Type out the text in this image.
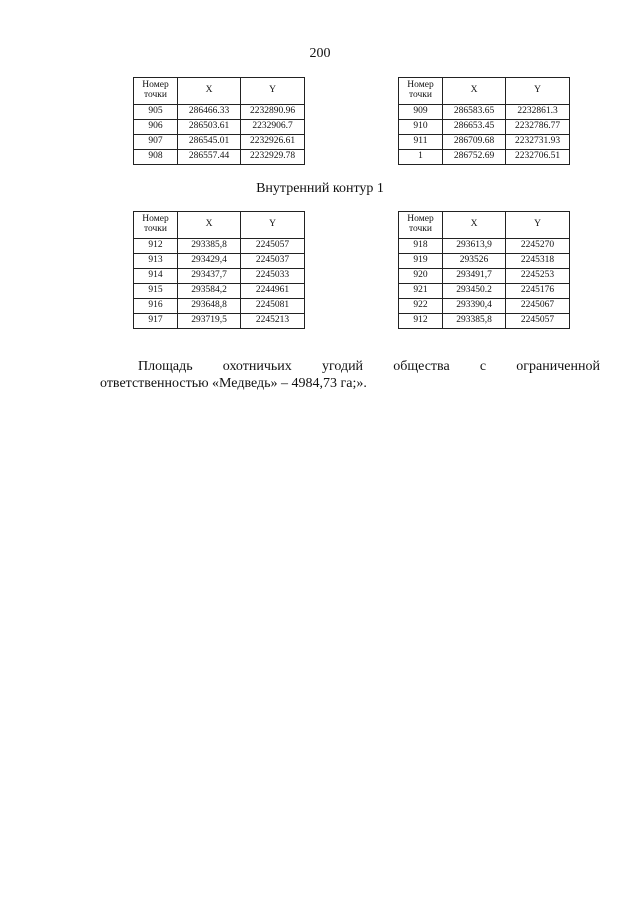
200
Номер точки	X	Y
905	286466.33	2232890.96
906	286503.61	2232906.7
907	286545.01	2232926.61
908	286557.44	2232929.78
Номер точки	X	Y
909	286583.65	2232861.3
910	286653.45	2232786.77
911	286709.68	2232731.93
1	286752.69	2232706.51
Внутренний контур 1
Номер точки	X	Y
912	293385,8	2245057
913	293429,4	2245037
914	293437,7	2245033
915	293584,2	2244961
916	293648,8	2245081
917	293719,5	2245213
Номер точки	X	Y
918	293613,9	2245270
919	293526	2245318
920	293491,7	2245253
921	293450.2	2245176
922	293390,4	2245067
912	293385,8	2245057
Площадь охотничьих угодий общества с ограниченной
ответственностью «Медведь» – 4984,73 га;».
